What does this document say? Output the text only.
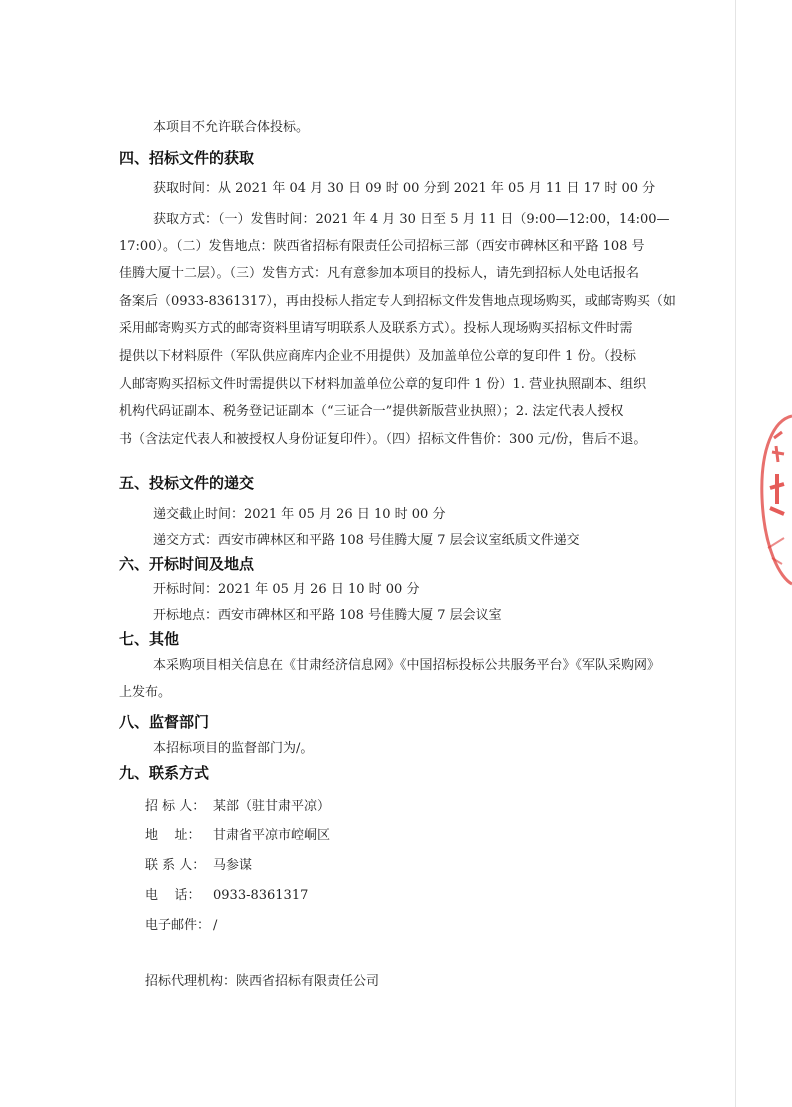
本项目不允许联合体投标。
四、招标文件的获取
获取时间：从 2021 年 04 月 30 日 09 时 00 分到 2021 年 05 月 11 日 17 时 00 分
获取方式：（一）发售时间：2021 年 4 月 30 日至 5 月 11 日（9:00—12:00，14:00—
17:00）。（二）发售地点：陕西省招标有限责任公司招标三部（西安市碑林区和平路 108 号
佳腾大厦十二层）。（三）发售方式：凡有意参加本项目的投标人，请先到招标人处电话报名
备案后（0933-8361317），再由投标人指定专人到招标文件发售地点现场购买，或邮寄购买（如
采用邮寄购买方式的邮寄资料里请写明联系人及联系方式）。投标人现场购买招标文件时需
提供以下材料原件（军队供应商库内企业不用提供）及加盖单位公章的复印件 1 份。（投标
人邮寄购买招标文件时需提供以下材料加盖单位公章的复印件 1 份）1. 营业执照副本、组织
机构代码证副本、税务登记证副本（“三证合一”提供新版营业执照）；2. 法定代表人授权
书（含法定代表人和被授权人身份证复印件）。（四）招标文件售价：300 元/份，售后不退。
五、投标文件的递交
递交截止时间：2021 年 05 月 26 日 10 时 00 分
递交方式：西安市碑林区和平路 108 号佳腾大厦 7 层会议室纸质文件递交
六、开标时间及地点
开标时间：2021 年 05 月 26 日 10 时 00 分
开标地点：西安市碑林区和平路 108 号佳腾大厦 7 层会议室
七、其他
本采购项目相关信息在《甘肃经济信息网》《中国招标投标公共服务平台》《军队采购网》
上发布。
八、监督部门
本招标项目的监督部门为/。
九、联系方式
招 标 人： 某部（驻甘肃平凉）
地    址： 甘肃省平凉市崆峒区
联 系 人： 马参谋
电    话： 0933-8361317
电子邮件： /
招标代理机构：陕西省招标有限责任公司
